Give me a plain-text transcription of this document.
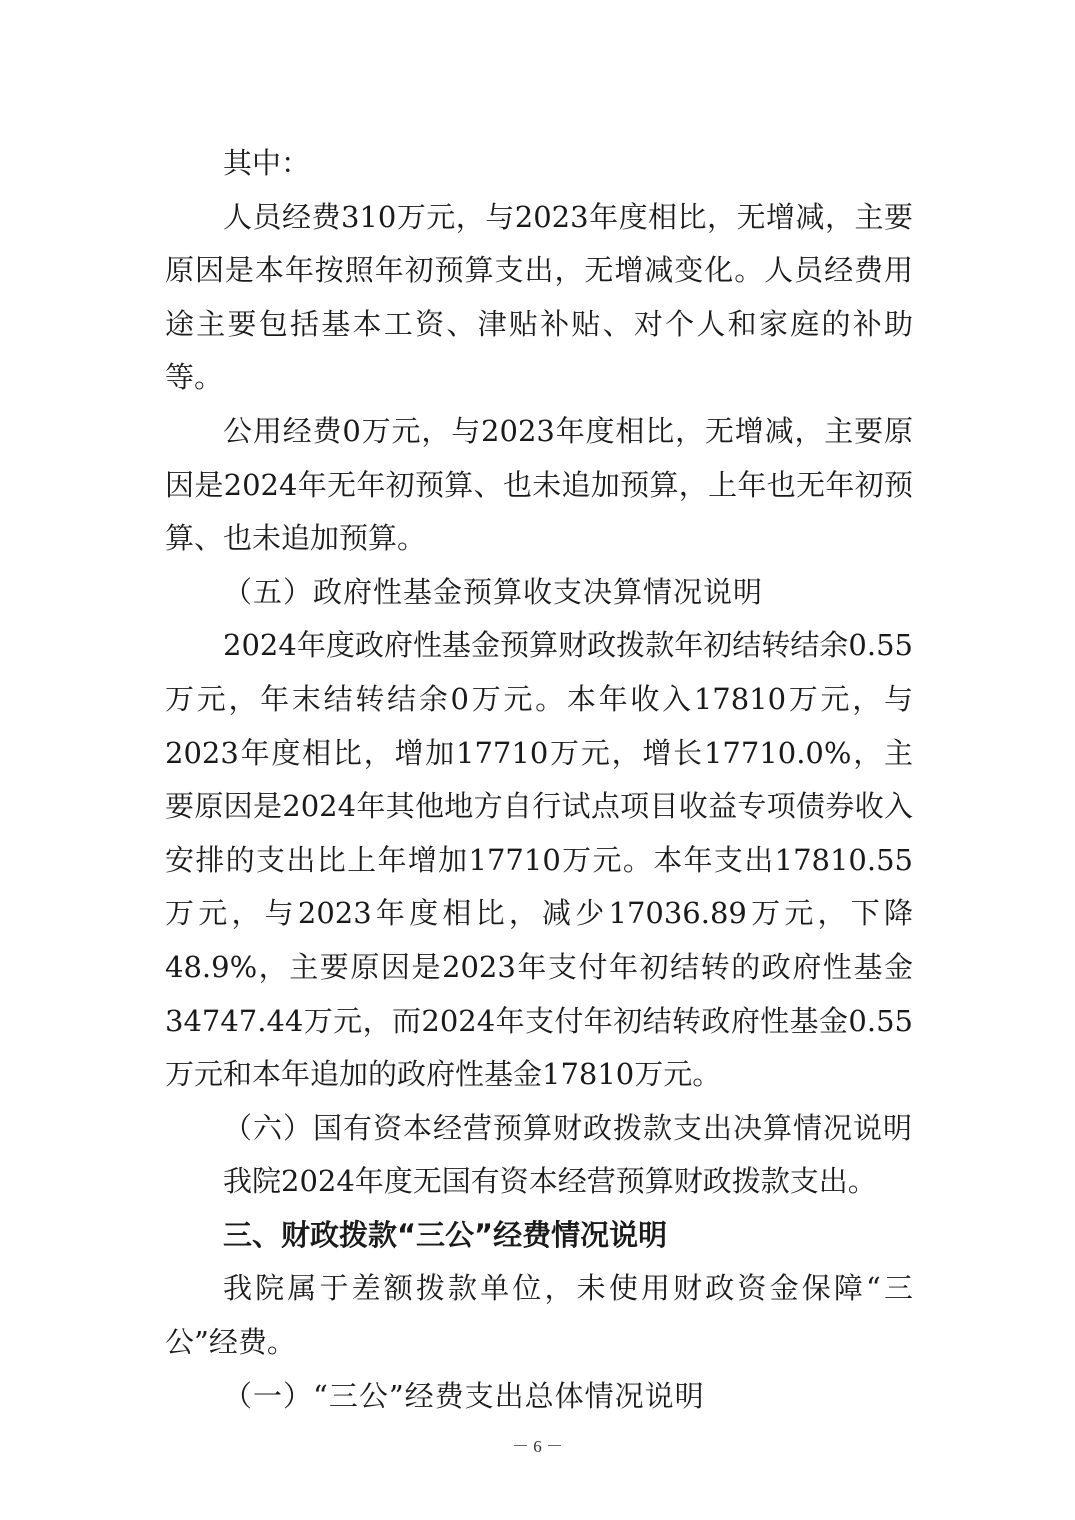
其中：

人员经费310万元，与2023年度相比，无增减，主要原因是本年按照年初预算支出，无增减变化。人员经费用途主要包括基本工资、津贴补贴、对个人和家庭的补助等。

公用经费0万元，与2023年度相比，无增减，主要原因是2024年无年初预算、也未追加预算，上年也无年初预算、也未追加预算。

（五）政府性基金预算收支决算情况说明

2024年度政府性基金预算财政拨款年初结转结余0.55万元，年末结转结余0万元。本年收入17810万元，与2023年度相比，增加17710万元，增长17710.0%，主要原因是2024年其他地方自行试点项目收益专项债券收入安排的支出比上年增加17710万元。本年支出17810.55万元，与2023年度相比，减少17036.89万元，下降48.9%，主要原因是2023年支付年初结转的政府性基金34747.44万元，而2024年支付年初结转政府性基金0.55万元和本年追加的政府性基金17810万元。

（六）国有资本经营预算财政拨款支出决算情况说明

我院2024年度无国有资本经营预算财政拨款支出。

三、财政拨款“三公”经费情况说明

我院属于差额拨款单位，未使用财政资金保障“三公”经费。

（一）“三公”经费支出总体情况说明

－ 6 －
